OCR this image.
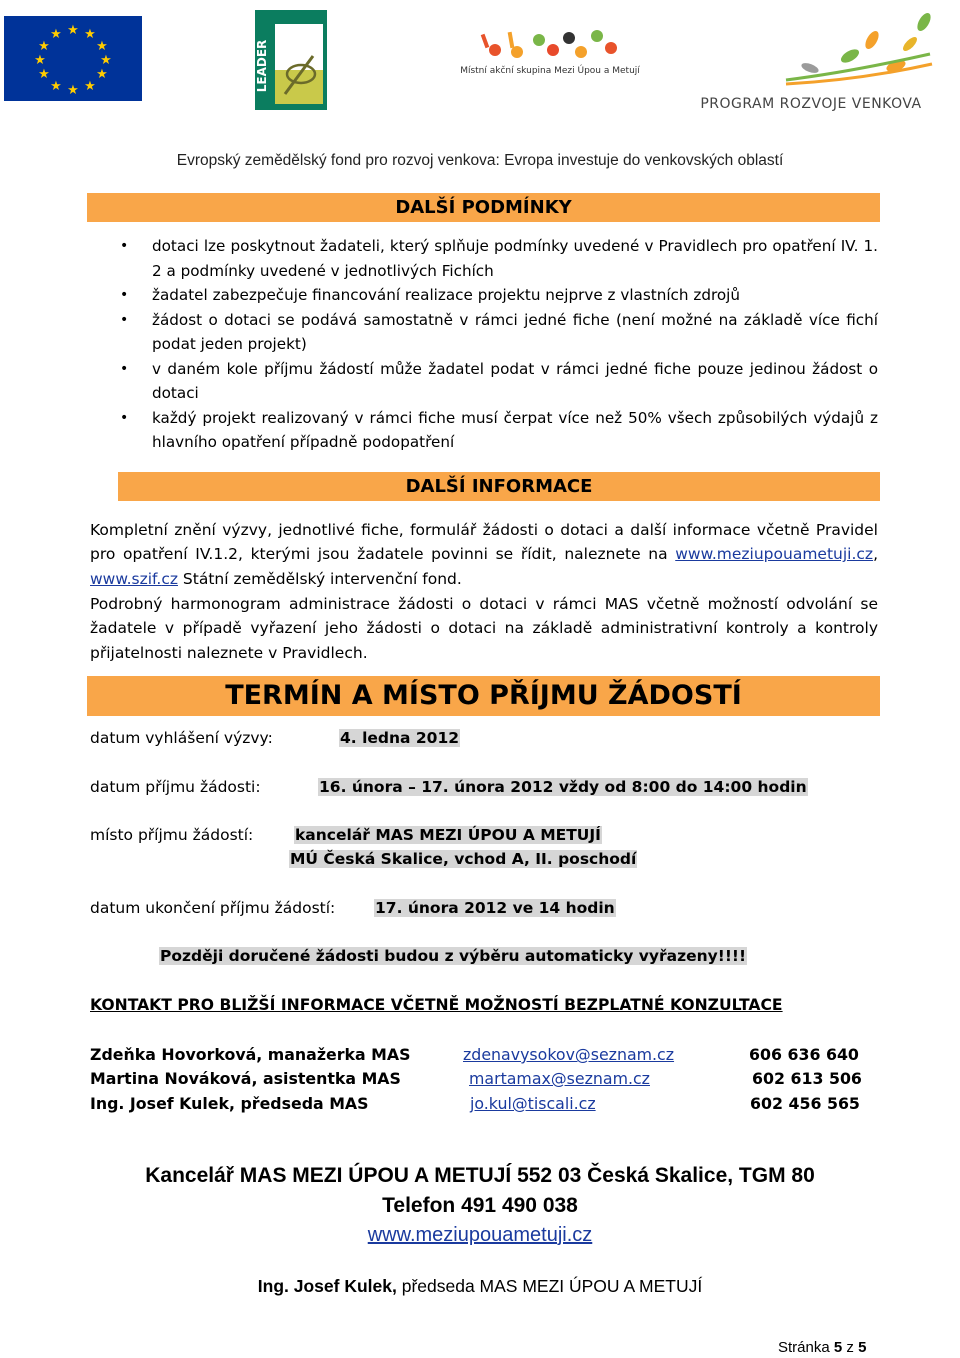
★ ★
★
★
★
★
★
★
★
★
★
★
LEADER	Místní akční skupina Mezi Úpou a Metují
PROGRAM ROZVOJE VENKOVA
Evropský zemědělský fond pro rozvoj venkova: Evropa investuje do venkovských oblastí
DALŠÍ PODMÍNKY
• dotaci lze poskytnout žadateli, který splňuje podmínky uvedené v Pravidlech pro opatření IV. 1. 2 a podmínky uvedené v jednotlivých Fichích
• žadatel zabezpečuje financování realizace projektu nejprve z vlastních zdrojů
• žádost o dotaci se podává samostatně v rámci jedné fiche (není možné na základě více fichí podat jeden projekt)
• v daném kole příjmu žádostí může žadatel podat v rámci jedné fiche pouze jedinou žádost o dotaci
• každý projekt realizovaný v rámci fiche musí čerpat více než 50% všech způsobilých výdajů z hlavního opatření případně podopatření
DALŠÍ INFORMACE
Kompletní znění výzvy, jednotlivé fiche, formulář žádosti o dotaci a další informace včetně Pravidel pro opatření IV.1.2, kterými jsou žadatele povinni se řídit, naleznete na www.meziupouametuji.cz, www.szif.cz Státní zemědělský intervenční fond.
Podrobný harmonogram administrace žádosti o dotaci v rámci MAS včetně možností odvolání se žadatele v případě vyřazení jeho žádosti o dotaci na základě administrativní kontroly a kontroly přijatelnosti naleznete v Pravidlech.
TERMÍN A MÍSTO PŘÍJMU ŽÁDOSTÍ
datum vyhlášení výzvy:	4. ledna 2012
datum příjmu žádosti:	16. února – 17. února 2012 vždy od 8:00 do 14:00 hodin
místo příjmu žádostí:	kancelář MAS MEZI ÚPOU A METUJÍ
MÚ Česká Skalice, vchod A, II. poschodí
datum ukončení příjmu žádostí:	17. února 2012 ve 14 hodin
Později doručené žádosti budou z výběru automaticky vyřazeny!!!!
KONTAKT PRO BLIŽŠÍ INFORMACE VČETNĚ MOŽNOSTÍ BEZPLATNÉ KONZULTACE
Zdeňka Hovorková, manažerka MAS	zdenavysokov@seznam.cz	606 636 640
Martina Nováková, asistentka MAS	martamax@seznam.cz	602 613 506
Ing. Josef Kulek, předseda MAS	jo.kul@tiscali.cz	602 456 565
Kancelář MAS MEZI ÚPOU A METUJÍ 552 03 Česká Skalice, TGM 80
Telefon 491 490 038
www.meziupouametuji.cz
Ing. Josef Kulek, předseda MAS MEZI ÚPOU A METUJÍ
Stránka 5 z 5
